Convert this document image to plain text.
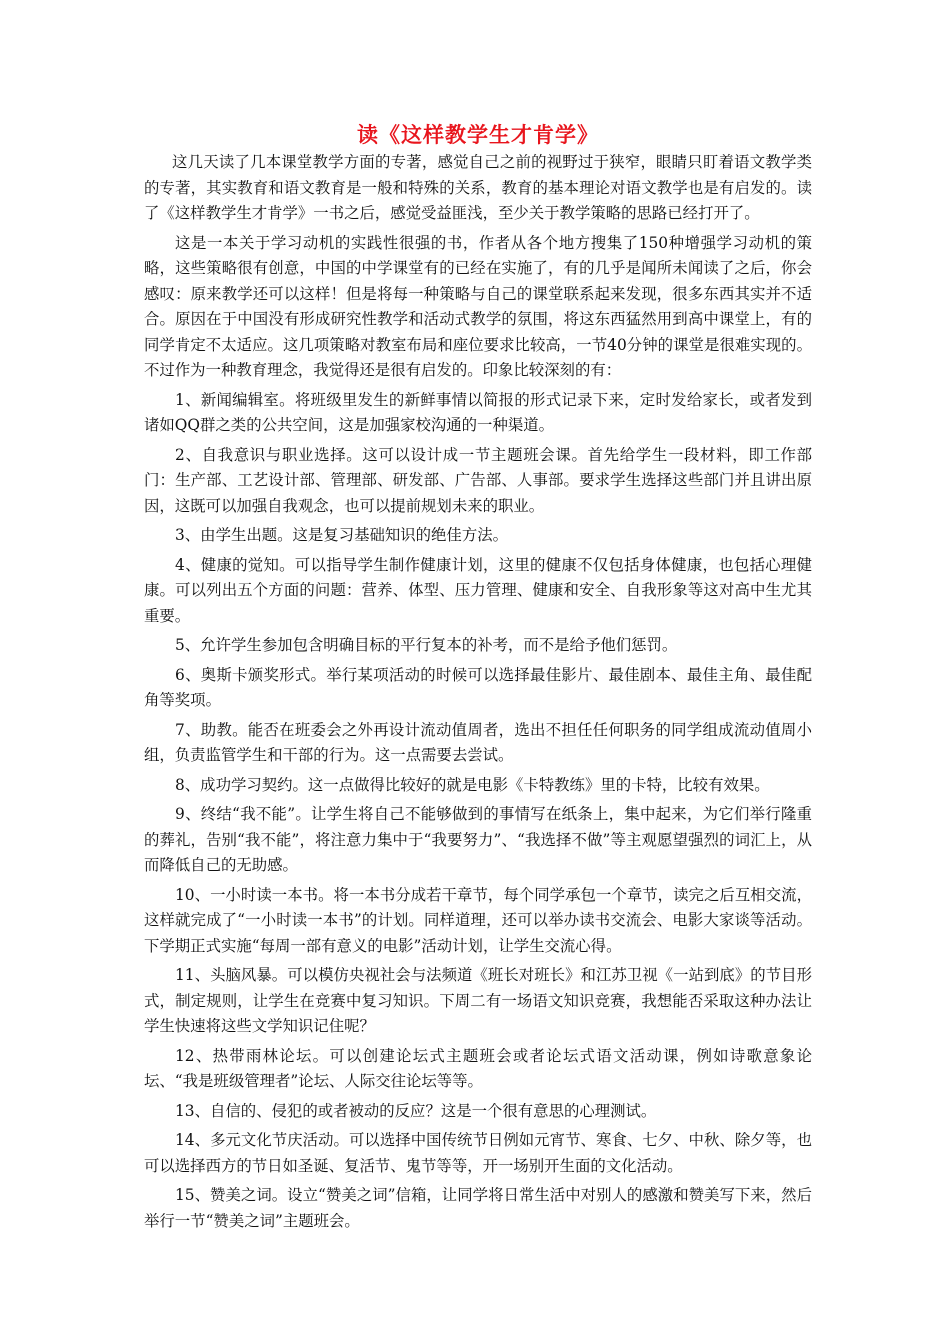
读《这样教学生才肯学》

这几天读了几本课堂教学方面的专著，感觉自己之前的视野过于狭窄，眼睛只盯着语文教学类的专著，其实教育和语文教育是一般和特殊的关系，教育的基本理论对语文教学也是有启发的。读了《这样教学生才肯学》一书之后，感觉受益匪浅，至少关于教学策略的思路已经打开了。

这是一本关于学习动机的实践性很强的书，作者从各个地方搜集了150种增强学习动机的策略，这些策略很有创意，中国的中学课堂有的已经在实施了，有的几乎是闻所未闻读了之后，你会感叹：原来教学还可以这样！但是将每一种策略与自己的课堂联系起来发现，很多东西其实并不适合。原因在于中国没有形成研究性教学和活动式教学的氛围，将这东西猛然用到高中课堂上，有的同学肯定不太适应。这几项策略对教室布局和座位要求比较高，一节40分钟的课堂是很难实现的。不过作为一种教育理念，我觉得还是很有启发的。印象比较深刻的有：

1、新闻编辑室。将班级里发生的新鲜事情以简报的形式记录下来，定时发给家长，或者发到诸如QQ群之类的公共空间，这是加强家校沟通的一种渠道。

2、自我意识与职业选择。这可以设计成一节主题班会课。首先给学生一段材料，即工作部门：生产部、工艺设计部、管理部、研发部、广告部、人事部。要求学生选择这些部门并且讲出原因，这既可以加强自我观念，也可以提前规划未来的职业。

3、由学生出题。这是复习基础知识的绝佳方法。

4、健康的觉知。可以指导学生制作健康计划，这里的健康不仅包括身体健康，也包括心理健康。可以列出五个方面的问题：营养、体型、压力管理、健康和安全、自我形象等这对高中生尤其重要。

5、允许学生参加包含明确目标的平行复本的补考，而不是给予他们惩罚。

6、奥斯卡颁奖形式。举行某项活动的时候可以选择最佳影片、最佳剧本、最佳主角、最佳配角等奖项。

7、助教。能否在班委会之外再设计流动值周者，选出不担任任何职务的同学组成流动值周小组，负责监管学生和干部的行为。这一点需要去尝试。

8、成功学习契约。这一点做得比较好的就是电影《卡特教练》里的卡特，比较有效果。

9、终结“我不能”。让学生将自己不能够做到的事情写在纸条上，集中起来，为它们举行隆重的葬礼，告别“我不能”，将注意力集中于“我要努力”、“我选择不做”等主观愿望强烈的词汇上，从而降低自己的无助感。

10、一小时读一本书。将一本书分成若干章节，每个同学承包一个章节，读完之后互相交流，这样就完成了“一小时读一本书”的计划。同样道理，还可以举办读书交流会、电影大家谈等活动。下学期正式实施“每周一部有意义的电影”活动计划，让学生交流心得。

11、头脑风暴。可以模仿央视社会与法频道《班长对班长》和江苏卫视《一站到底》的节目形式，制定规则，让学生在竞赛中复习知识。下周二有一场语文知识竞赛，我想能否采取这种办法让学生快速将这些文学知识记住呢？

12、热带雨林论坛。可以创建论坛式主题班会或者论坛式语文活动课，例如诗歌意象论坛、“我是班级管理者”论坛、人际交往论坛等等。

13、自信的、侵犯的或者被动的反应？这是一个很有意思的心理测试。

14、多元文化节庆活动。可以选择中国传统节日例如元宵节、寒食、七夕、中秋、除夕等，也可以选择西方的节日如圣诞、复活节、鬼节等等，开一场别开生面的文化活动。

15、赞美之词。设立“赞美之词”信箱，让同学将日常生活中对别人的感激和赞美写下来，然后举行一节“赞美之词”主题班会。
